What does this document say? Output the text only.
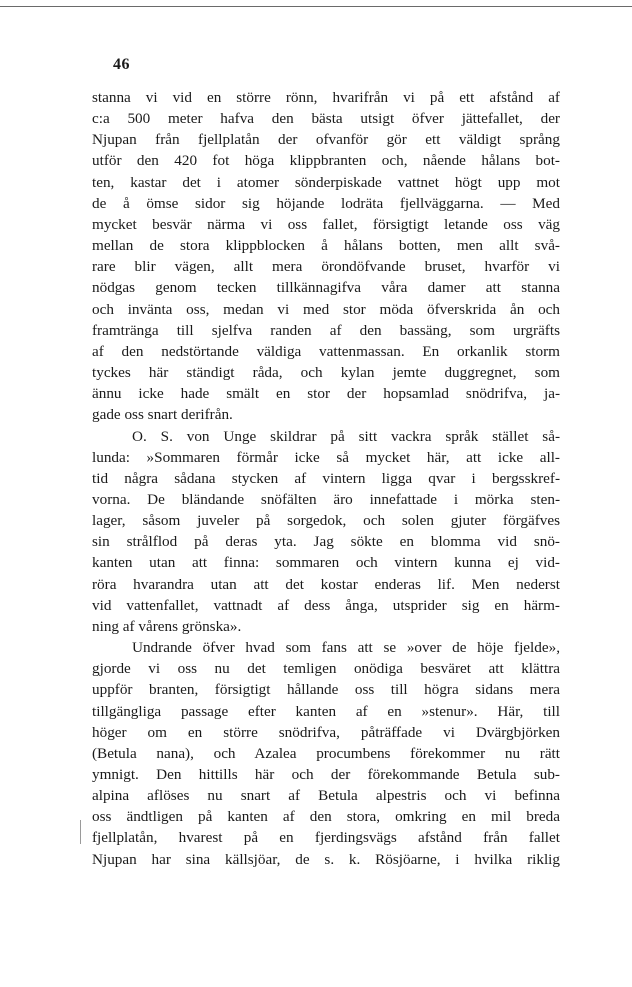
46
stanna vi vid en större rönn, hvarifrån vi på ett afstånd af
c:a 500 meter hafva den bästa utsigt öfver jättefallet, der
Njupan från fjellplatån der ofvanför gör ett väldigt språng
utför den 420 fot höga klippbranten och, nående hålans bot-
ten, kastar det i atomer sönderpiskade vattnet högt upp mot
de å ömse sidor sig höjande lodräta fjellväggarna. — Med
mycket besvär närma vi oss fallet, försigtigt letande oss väg
mellan de stora klippblocken å hålans botten, men allt svå-
rare blir vägen, allt mera örondöfvande bruset, hvarför vi
nödgas genom tecken tillkännagifva våra damer att stanna
och invänta oss, medan vi med stor möda öfverskrida ån och
framtränga till sjelfva randen af den bassäng, som urgräfts
af den nedstörtande väldiga vattenmassan. En orkanlik storm
tyckes här ständigt råda, och kylan jemte duggregnet, som
ännu icke hade smält en stor der hopsamlad snödrifva, ja-
gade oss snart derifrån.
O. S. von Unge skildrar på sitt vackra språk stället så-
lunda: »Sommaren förmår icke så mycket här, att icke all-
tid några sådana stycken af vintern ligga qvar i bergsskref-
vorna. De bländande snöfälten äro innefattade i mörka sten-
lager, såsom juveler på sorgedok, och solen gjuter förgäfves
sin strålflod på deras yta. Jag sökte en blomma vid snö-
kanten utan att finna: sommaren och vintern kunna ej vid-
röra hvarandra utan att det kostar enderas lif. Men nederst
vid vattenfallet, vattnadt af dess ånga, utsprider sig en härm-
ning af vårens grönska».
Undrande öfver hvad som fans att se »over de höje fjelde»,
gjorde vi oss nu det temligen onödiga besväret att klättra
uppför branten, försigtigt hållande oss till högra sidans mera
tillgängliga passage efter kanten af en »stenur». Här, till
höger om en större snödrifva, påträffade vi Dvärgbjörken
(Betula nana), och Azalea procumbens förekommer nu rätt
ymnigt. Den hittills här och der förekommande Betula sub-
alpina aflöses nu snart af Betula alpestris och vi befinna
oss ändtligen på kanten af den stora, omkring en mil breda
fjellplatån, hvarest på en fjerdingsvägs afstånd från fallet
Njupan har sina källsjöar, de s. k. Rösjöarne, i hvilka riklig
